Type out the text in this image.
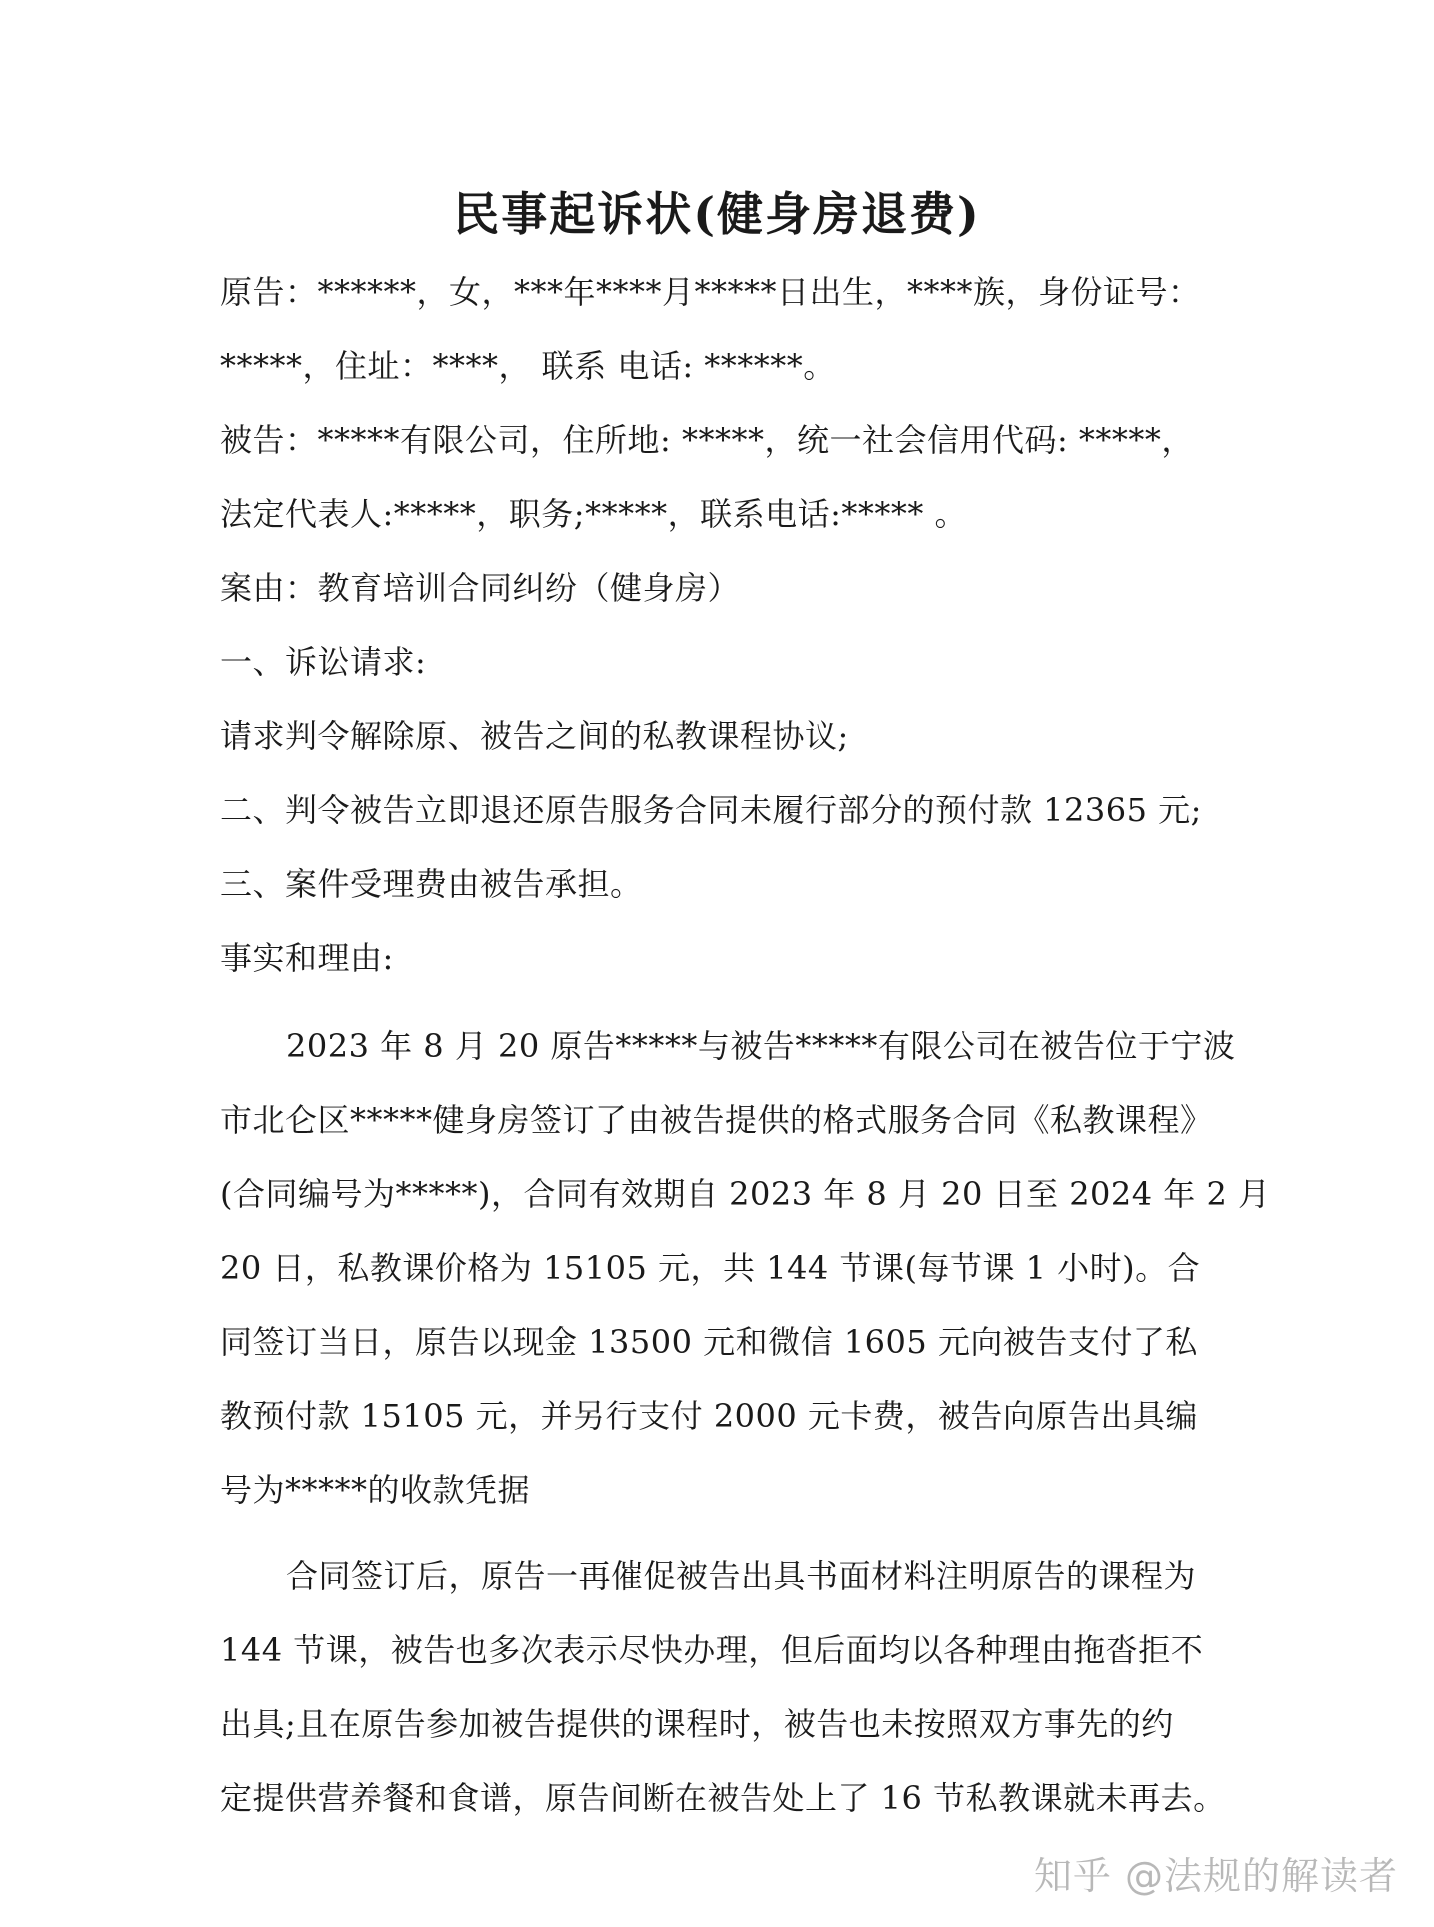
民事起诉状(健身房退费)
原告：******，女，***年****月*****日出生，****族，身份证号：
*****，住址：****， 联系 电话: ******。
被告：*****有限公司，住所地: *****，统一社会信用代码: *****，
法定代表人:*****，职务;*****，联系电话:***** 。
案由：教育培训合同纠纷（健身房）
一、诉讼请求:
请求判令解除原、被告之间的私教课程协议;
二、判令被告立即退还原告服务合同未履行部分的预付款 12365 元;
三、案件受理费由被告承担。
事实和理由:
2023 年 8 月 20 原告*****与被告*****有限公司在被告位于宁波
市北仑区*****健身房签订了由被告提供的格式服务合同《私教课程》
(合同编号为*****)，合同有效期自 2023 年 8 月 20 日至 2024 年 2 月
20 日，私教课价格为 15105 元，共 144 节课(每节课 1 小时)。合
同签订当日，原告以现金 13500 元和微信 1605 元向被告支付了私
教预付款 15105 元，并另行支付 2000 元卡费，被告向原告出具编
号为*****的收款凭据
合同签订后，原告一再催促被告出具书面材料注明原告的课程为
144 节课，被告也多次表示尽快办理，但后面均以各种理由拖沓拒不
出具;且在原告参加被告提供的课程时，被告也未按照双方事先的约
定提供营养餐和食谱，原告间断在被告处上了 16 节私教课就未再去。
知乎 @法规的解读者
